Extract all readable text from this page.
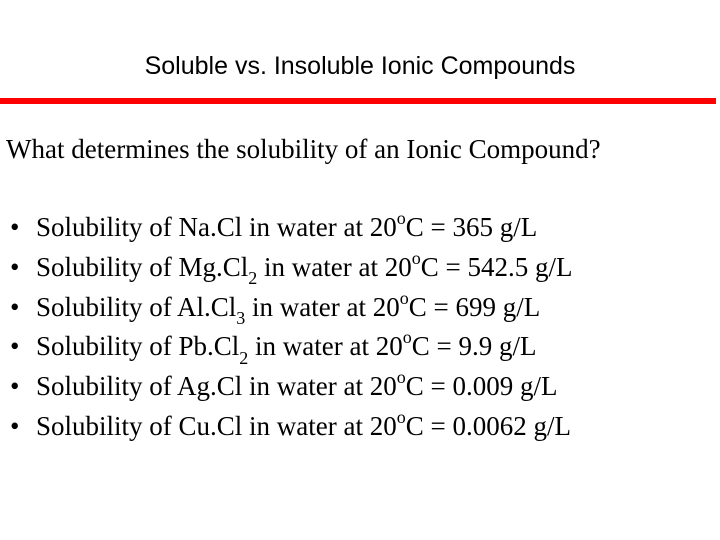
Soluble vs. Insoluble Ionic Compounds
What determines the solubility of an Ionic Compound?
• Solubility of Na.Cl in water at $20^oC = 365$ g/L
• Solubility of $Mg.Cl_2$ in water at $20^oC = 542.5$ g/L
• Solubility of $Al.Cl_3$ in water at $20^oC = 699$ g/L
• Solubility of $Pb.Cl_2$ in water at $20^oC = 9.9$ g/L
• Solubility of Ag.Cl in water at $20^oC = 0.009$ g/L
• Solubility of Cu.Cl in water at $20^oC = 0.0062$ g/L
